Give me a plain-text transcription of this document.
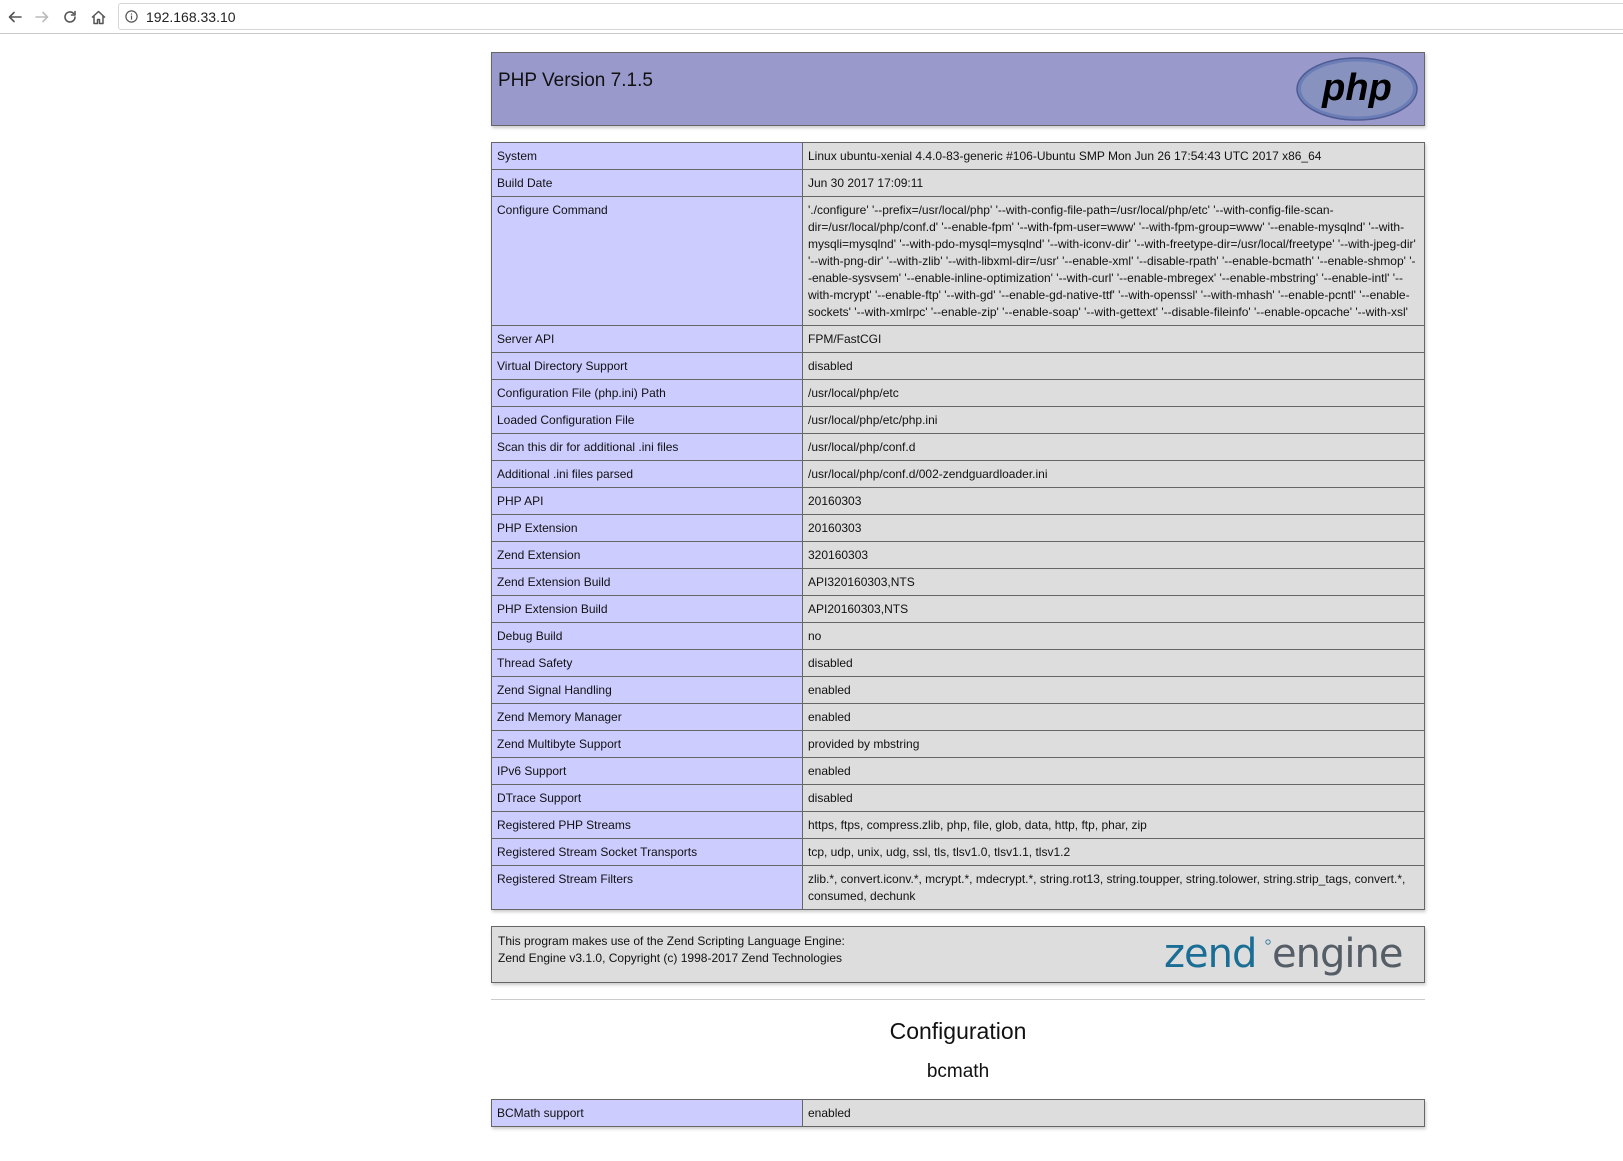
192.168.33.10
PHP Version 7.1.5	php
System	Linux ubuntu-xenial 4.4.0-83-generic #106-Ubuntu SMP Mon Jun 26 17:54:43 UTC 2017 x86_64
Build Date	Jun 30 2017 17:09:11
Configure Command	'./configure' '--prefix=/usr/local/php' '--with-config-file-path=/usr/local/php/etc' '--with-config-file-scan-dir=/usr/local/php/conf.d' '--enable-fpm' '--with-fpm-user=www' '--with-fpm-group=www' '--enable-mysqlnd' '--with-mysqli=mysqlnd' '--with-pdo-mysql=mysqlnd' '--with-iconv-dir' '--with-freetype-dir=/usr/local/freetype' '--with-jpeg-dir' '--with-png-dir' '--with-zlib' '--with-libxml-dir=/usr' '--enable-xml' '--disable-rpath' '--enable-bcmath' '--enable-shmop' '--enable-sysvsem' '--enable-inline-optimization' '--with-curl' '--enable-mbregex' '--enable-mbstring' '--enable-intl' '--with-mcrypt' '--enable-ftp' '--with-gd' '--enable-gd-native-ttf' '--with-openssl' '--with-mhash' '--enable-pcntl' '--enable-sockets' '--with-xmlrpc' '--enable-zip' '--enable-soap' '--with-gettext' '--disable-fileinfo' '--enable-opcache' '--with-xsl'
Server API	FPM/FastCGI
Virtual Directory Support	disabled
Configuration File (php.ini) Path	/usr/local/php/etc
Loaded Configuration File	/usr/local/php/etc/php.ini
Scan this dir for additional .ini files	/usr/local/php/conf.d
Additional .ini files parsed	/usr/local/php/conf.d/002-zendguardloader.ini
PHP API	20160303
PHP Extension	20160303
Zend Extension	320160303
Zend Extension Build	API320160303,NTS
PHP Extension Build	API20160303,NTS
Debug Build	no
Thread Safety	disabled
Zend Signal Handling	enabled
Zend Memory Manager	enabled
Zend Multibyte Support	provided by mbstring
IPv6 Support	enabled
DTrace Support	disabled
Registered PHP Streams	https, ftps, compress.zlib, php, file, glob, data, http, ftp, phar, zip
Registered Stream Socket Transports	tcp, udp, unix, udg, ssl, tls, tlsv1.0, tlsv1.1, tlsv1.2
Registered Stream Filters	zlib.*, convert.iconv.*, mcrypt.*, mdecrypt.*, string.rot13, string.toupper, string.tolower, string.strip_tags, convert.*, consumed, dechunk
This program makes use of the Zend Scripting Language Engine:
Zend Engine v3.1.0, Copyright (c) 1998-2017 Zend Technologies	zend engine
Configuration
bcmath
BCMath support	enabled
